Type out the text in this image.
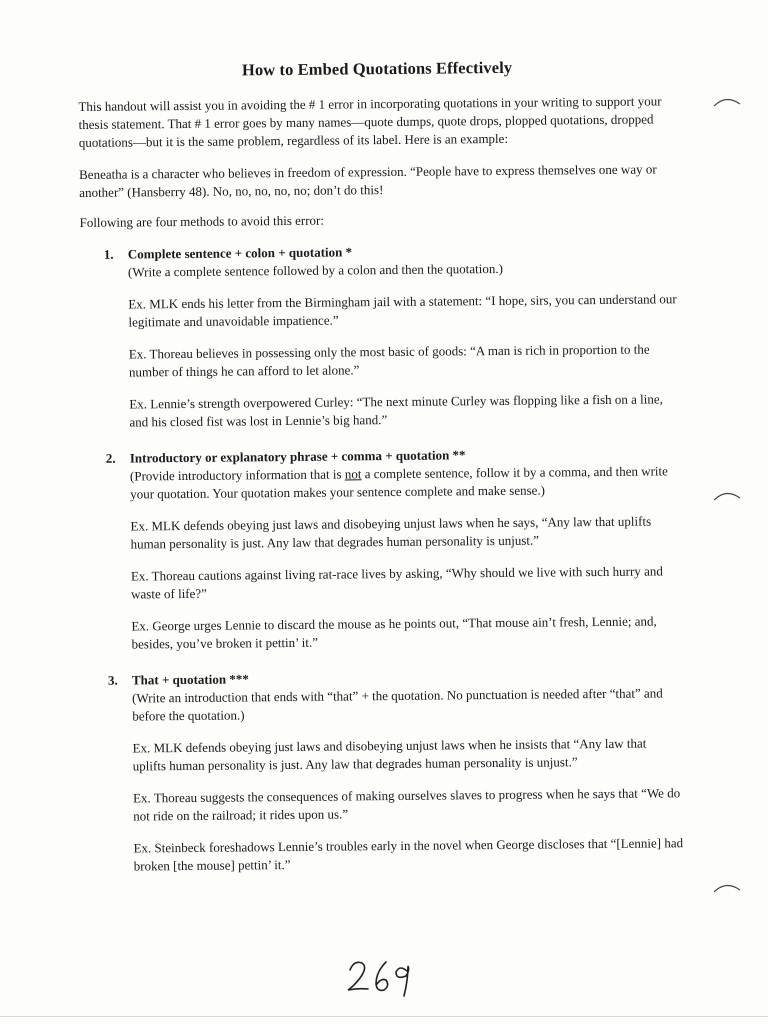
How to Embed Quotations Effectively

This handout will assist you in avoiding the # 1 error in incorporating quotations in your writing to support your thesis statement. That # 1 error goes by many names—quote dumps, quote drops, plopped quotations, dropped quotations—but it is the same problem, regardless of its label. Here is an example:

Beneatha is a character who believes in freedom of expression. “People have to express themselves one way or another” (Hansberry 48). No, no, no, no, no; don’t do this!

Following are four methods to avoid this error:

1. Complete sentence + colon + quotation *
(Write a complete sentence followed by a colon and then the quotation.)
Ex. MLK ends his letter from the Birmingham jail with a statement: “I hope, sirs, you can understand our legitimate and unavoidable impatience.”
Ex. Thoreau believes in possessing only the most basic of goods: “A man is rich in proportion to the number of things he can afford to let alone.”
Ex. Lennie’s strength overpowered Curley: “The next minute Curley was flopping like a fish on a line, and his closed fist was lost in Lennie’s big hand.”
2. Introductory or explanatory phrase + comma + quotation **
(Provide introductory information that is not a complete sentence, follow it by a comma, and then write your quotation. Your quotation makes your sentence complete and make sense.)
Ex. MLK defends obeying just laws and disobeying unjust laws when he says, “Any law that uplifts human personality is just. Any law that degrades human personality is unjust.”
Ex. Thoreau cautions against living rat-race lives by asking, “Why should we live with such hurry and waste of life?”
Ex. George urges Lennie to discard the mouse as he points out, “That mouse ain’t fresh, Lennie; and, besides, you’ve broken it pettin’ it.”
3. That + quotation ***
(Write an introduction that ends with “that” + the quotation. No punctuation is needed after “that” and before the quotation.)
Ex. MLK defends obeying just laws and disobeying unjust laws when he insists that “Any law that uplifts human personality is just. Any law that degrades human personality is unjust.”
Ex. Thoreau suggests the consequences of making ourselves slaves to progress when he says that “We do not ride on the railroad; it rides upon us.”
Ex. Steinbeck foreshadows Lennie’s troubles early in the novel when George discloses that “[Lennie] had broken [the mouse] pettin’ it.”
